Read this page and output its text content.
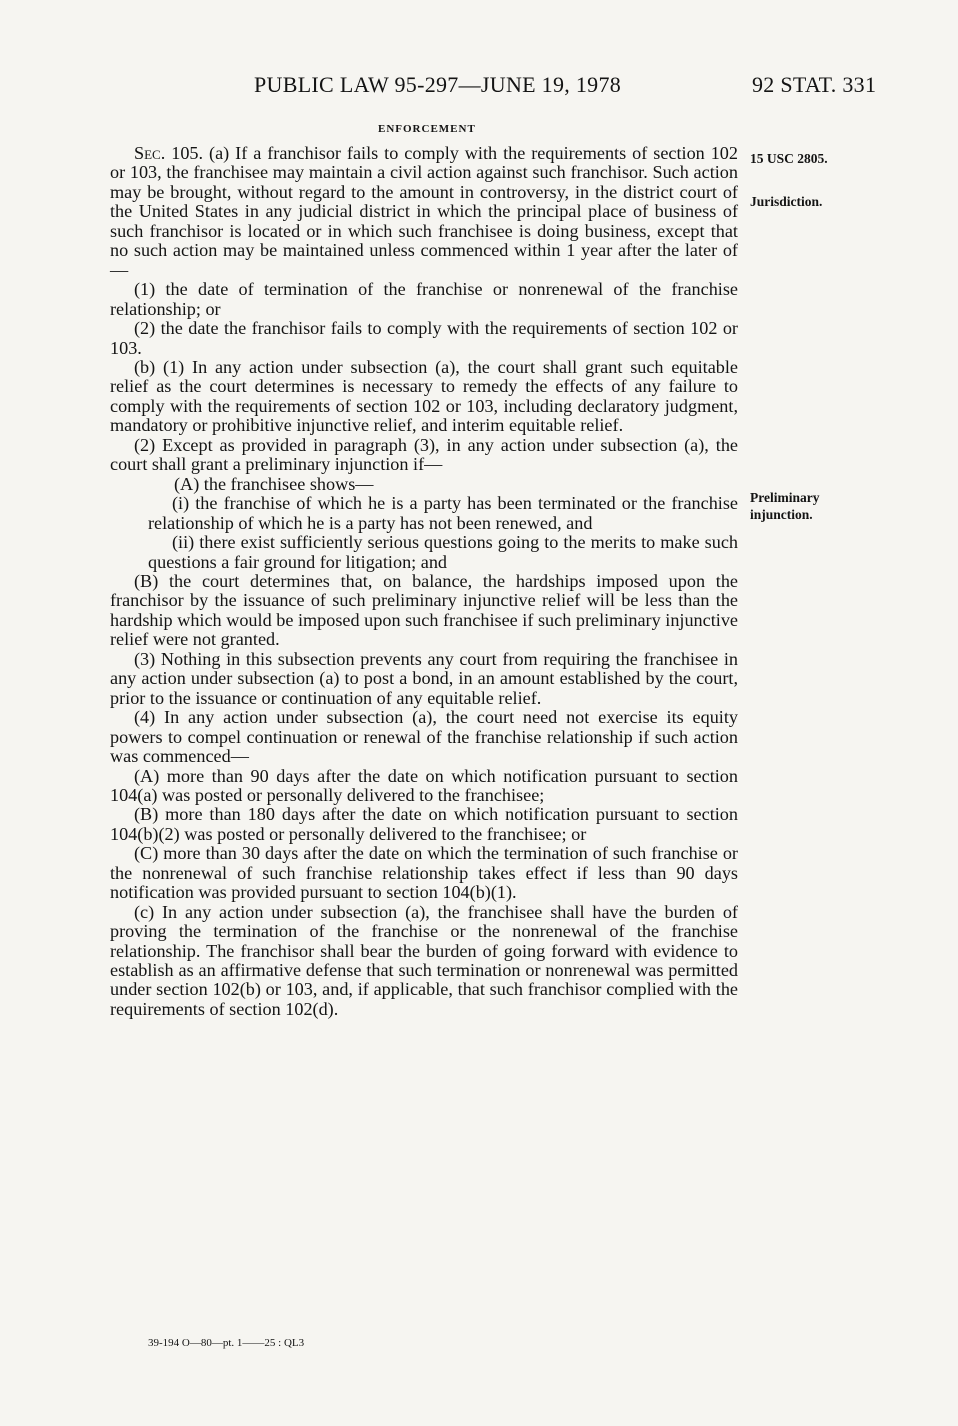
PUBLIC LAW 95-297—JUNE 19, 1978	92 STAT. 331
ENFORCEMENT
15 USC 2805.
Jurisdiction.
Preliminary
injunction.

Sec. 105. (a) If a franchisor fails to comply with the requirements of section 102 or 103, the franchisee may maintain a civil action against such franchisor. Such action may be brought, without regard to the amount in controversy, in the district court of the United States in any judicial district in which the principal place of business of such franchisor is located or in which such franchisee is doing business, except that no such action may be maintained unless commenced within 1 year after the later of—

(1) the date of termination of the franchise or nonrenewal of the franchise relationship; or

(2) the date the franchisor fails to comply with the requirements of section 102 or 103.

(b) (1) In any action under subsection (a), the court shall grant such equitable relief as the court determines is necessary to remedy the effects of any failure to comply with the requirements of section 102 or 103, including declaratory judgment, mandatory or prohibitive injunctive relief, and interim equitable relief.

(2) Except as provided in paragraph (3), in any action under subsection (a), the court shall grant a preliminary injunction if—

(A) the franchisee shows—

(i) the franchise of which he is a party has been terminated or the franchise relationship of which he is a party has not been renewed, and

(ii) there exist sufficiently serious questions going to the merits to make such questions a fair ground for litigation; and

(B) the court determines that, on balance, the hardships imposed upon the franchisor by the issuance of such preliminary injunctive relief will be less than the hardship which would be imposed upon such franchisee if such preliminary injunctive relief were not granted.

(3) Nothing in this subsection prevents any court from requiring the franchisee in any action under subsection (a) to post a bond, in an amount established by the court, prior to the issuance or continuation of any equitable relief.

(4) In any action under subsection (a), the court need not exercise its equity powers to compel continuation or renewal of the franchise relationship if such action was commenced—

(A) more than 90 days after the date on which notification pursuant to section 104(a) was posted or personally delivered to the franchisee;

(B) more than 180 days after the date on which notification pursuant to section 104(b)(2) was posted or personally delivered to the franchisee; or

(C) more than 30 days after the date on which the termination of such franchise or the nonrenewal of such franchise relationship takes effect if less than 90 days notification was provided pursuant to section 104(b)(1).

(c) In any action under subsection (a), the franchisee shall have the burden of proving the termination of the franchise or the nonrenewal of the franchise relationship. The franchisor shall bear the burden of going forward with evidence to establish as an affirmative defense that such termination or nonrenewal was permitted under section 102(b) or 103, and, if applicable, that such franchisor complied with the requirements of section 102(d).

39-194 O—80—pt. 1——25 : QL3
